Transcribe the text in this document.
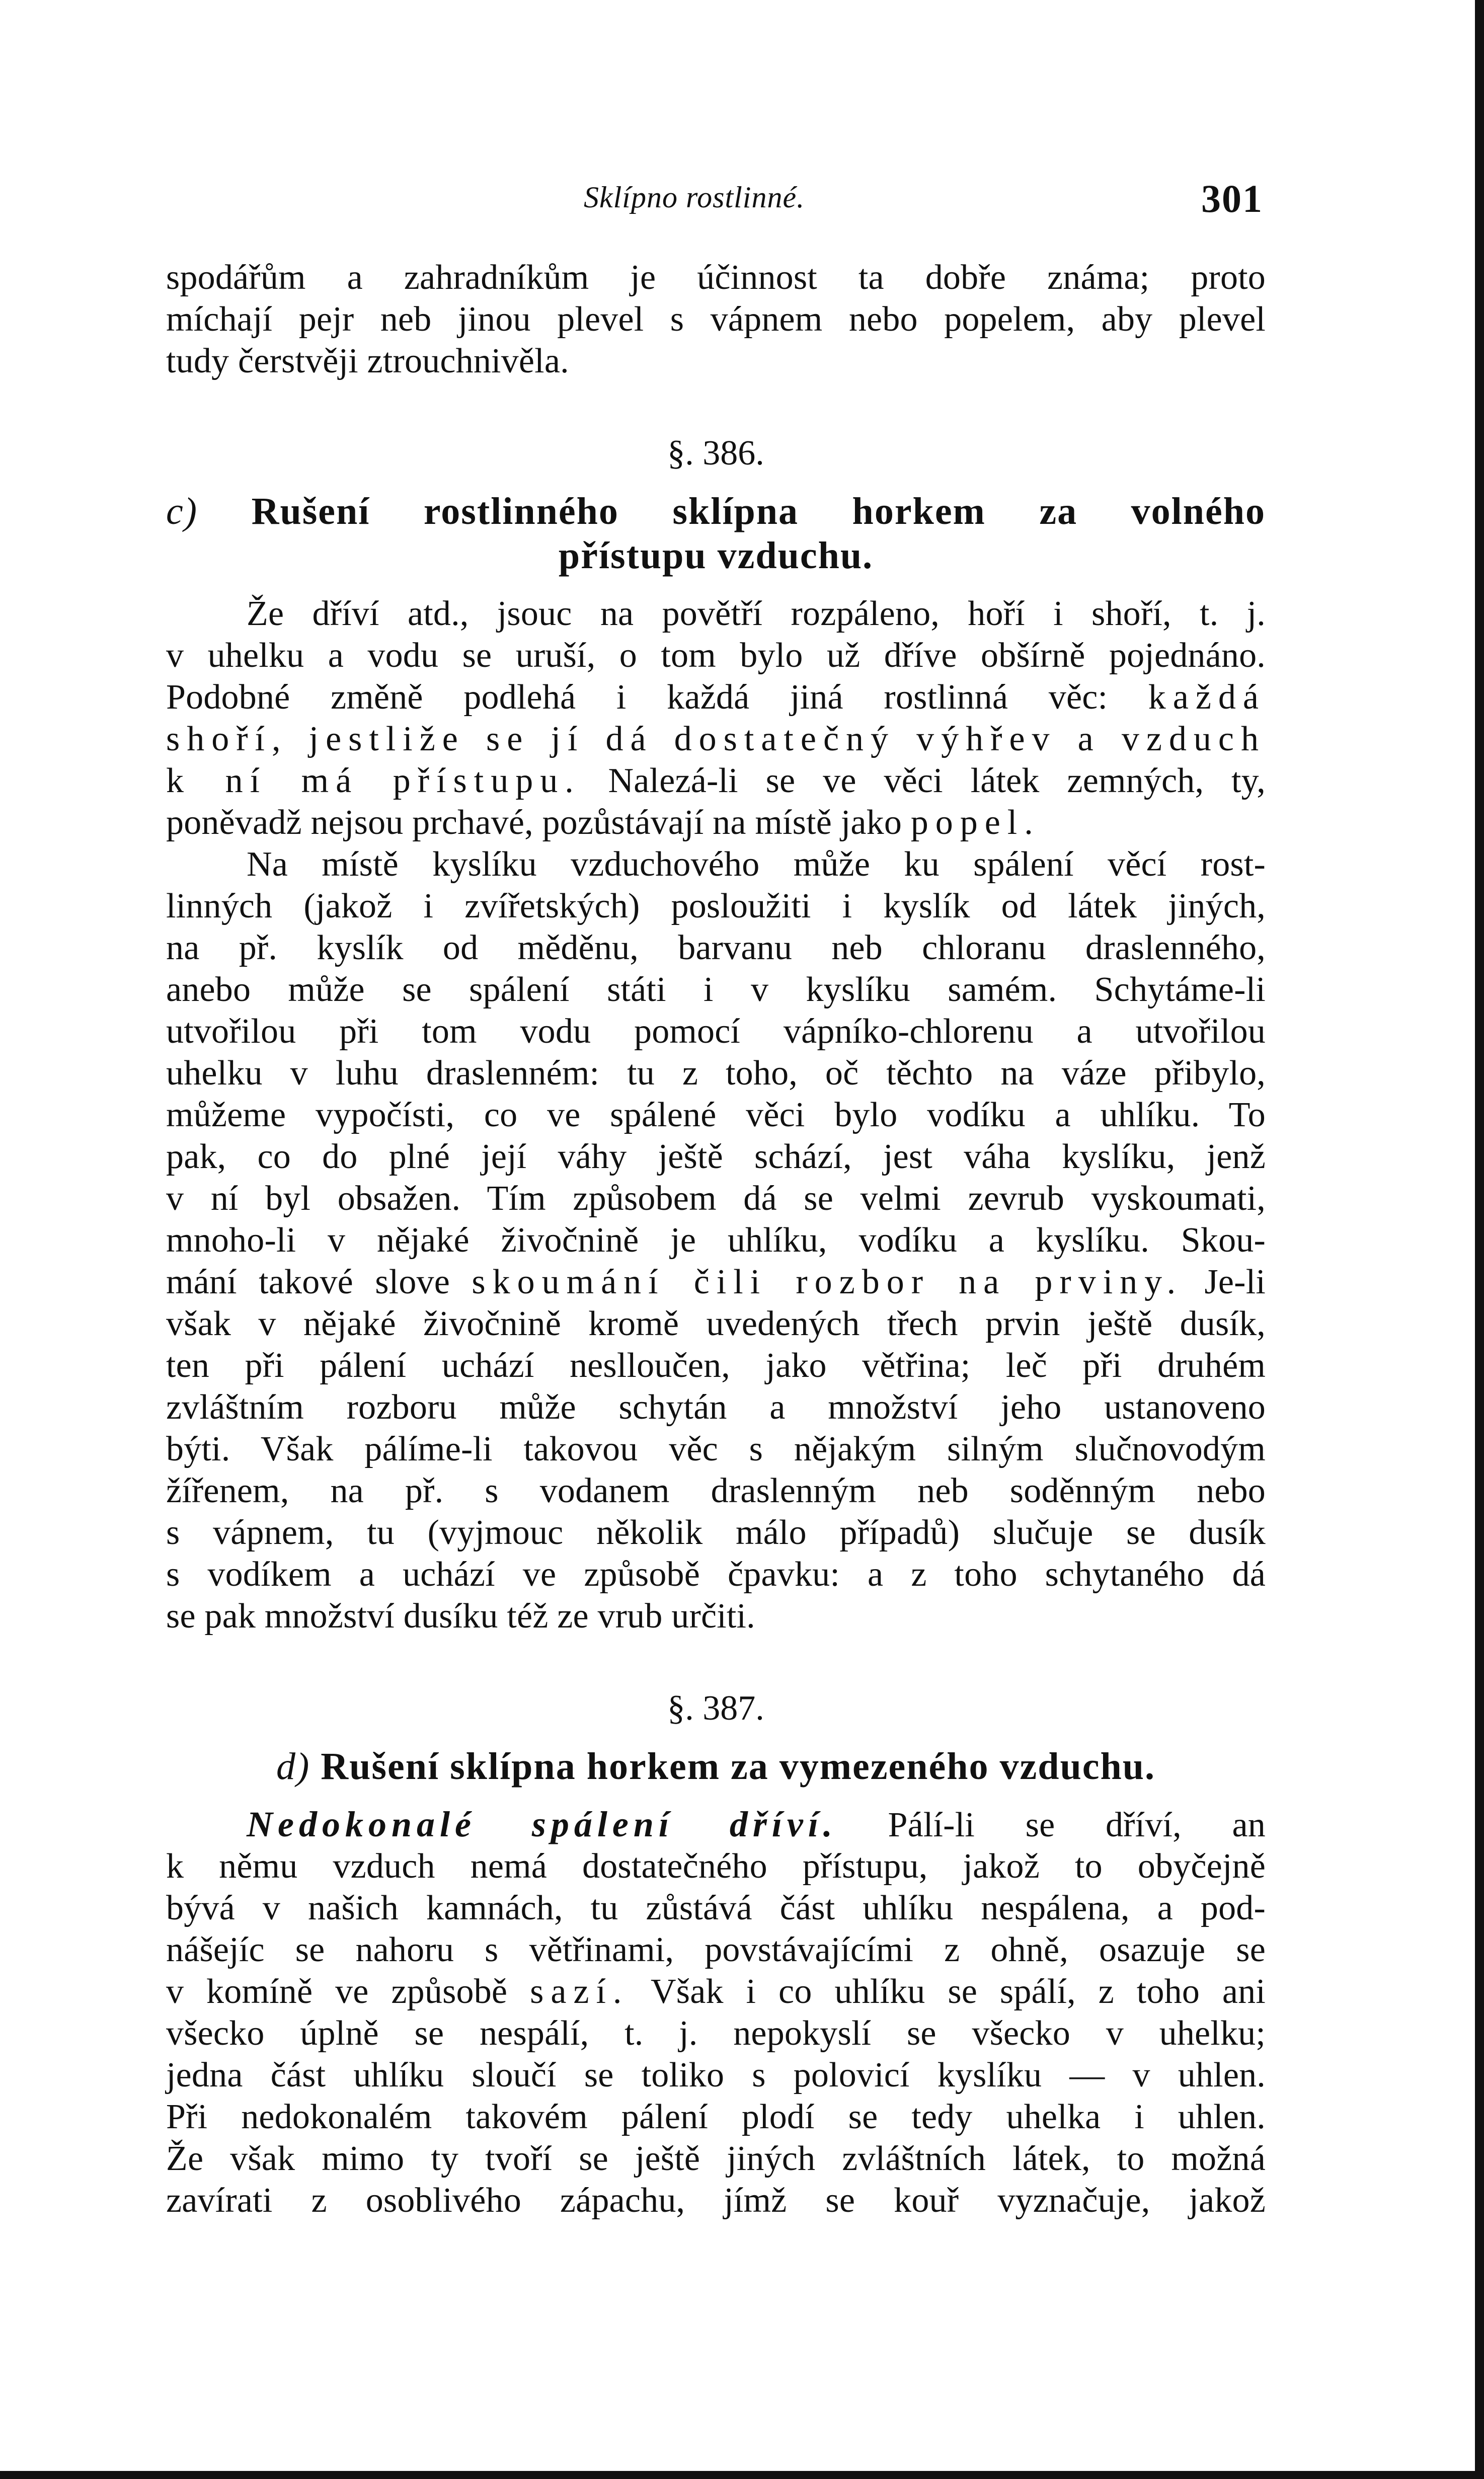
Sklípno rostlinné.	301
spodářům a zahradníkům je účinnost ta dobře známa; proto
míchají pejr neb jinou plevel s vápnem nebo popelem, aby plevel
tudy čerstvěji ztrouchnivěla.
§. 386.
c) Rušení rostlinného sklípna horkem za volného
přístupu vzduchu.
Že dříví atd., jsouc na povětří rozpáleno, hoří i shoří, t. j.
v uhelku a vodu se uruší, o tom bylo už dříve obšírně pojednáno.
Podobné změně podlehá i každá jiná rostlinná věc: každá
shoří, jestliže se jí dá dostatečný výhřev a vzduch
k ní má přístupu. Nalezá-li se ve věci látek zemných, ty,
poněvadž nejsou prchavé, pozůstávají na místě jako popel.
Na místě kyslíku vzduchového může ku spálení věcí rost-
linných (jakož i zvířetských) posloužiti i kyslík od látek jiných,
na př. kyslík od měděnu, barvanu neb chloranu draslenného,
anebo může se spálení státi i v kyslíku samém. Schytáme-li
utvořilou při tom vodu pomocí vápníko-chlorenu a utvořilou
uhelku v luhu draslenném: tu z toho, oč těchto na váze přibylo,
můžeme vypočísti, co ve spálené věci bylo vodíku a uhlíku. To
pak, co do plné její váhy ještě schází, jest váha kyslíku, jenž
v ní byl obsažen. Tím způsobem dá se velmi zevrub vyskoumati,
mnoho-li v nějaké živočnině je uhlíku, vodíku a kyslíku. Skou-
mání takové slove skoumání čili rozbor na prviny. Je-li
však v nějaké živočnině kromě uvedených třech prvin ještě dusík,
ten při pálení uchází neslloučen, jako větřina; leč při druhém
zvláštním rozboru může schytán a množství jeho ustanoveno
býti. Však pálíme-li takovou věc s nějakým silným slučnovodým
žířenem, na př. s vodanem draslenným neb soděnným nebo
s vápnem, tu (vyjmouc několik málo případů) slučuje se dusík
s vodíkem a uchází ve způsobě čpavku: a z toho schytaného dá
se pak množství dusíku též ze vrub určiti.
§. 387.
d) Rušení sklípna horkem za vymezeného vzduchu.
Nedokonalé spálení dříví. Pálí-li se dříví, an
k němu vzduch nemá dostatečného přístupu, jakož to obyčejně
bývá v našich kamnách, tu zůstává část uhlíku nespálena, a pod-
nášejíc se nahoru s větřinami, povstávajícími z ohně, osazuje se
v komíně ve způsobě sazí. Však i co uhlíku se spálí, z toho ani
všecko úplně se nespálí, t. j. nepokyslí se všecko v uhelku;
jedna část uhlíku sloučí se toliko s polovicí kyslíku — v uhlen.
Při nedokonalém takovém pálení plodí se tedy uhelka i uhlen.
Že však mimo ty tvoří se ještě jiných zvláštních látek, to možná
zavírati z osoblivého zápachu, jímž se kouř vyznačuje, jakož
